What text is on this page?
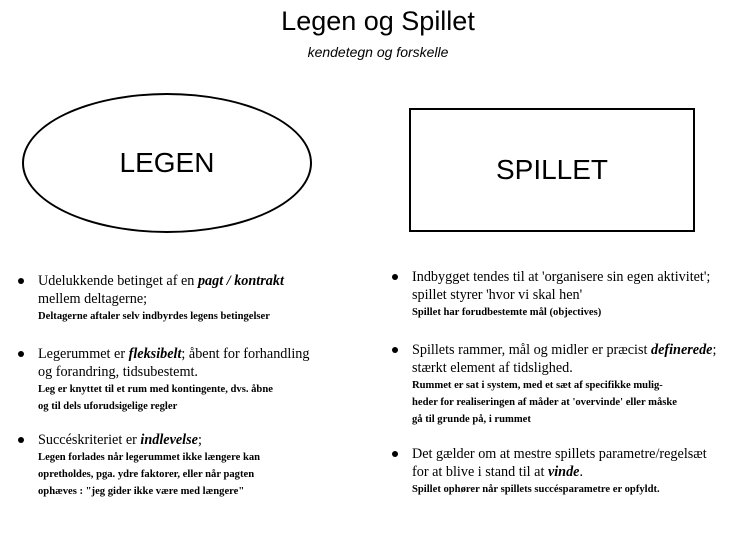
Legen og Spillet
kendetegn og forskelle
LEGEN	SPILLET
Udelukkende betinget af en pagt / kontrakt
mellem deltagerne;
Deltagerne aftaler selv indbyrdes legens betingelser
Legerummet er fleksibelt; åbent for forhandling
og forandring, tidsubestemt.
Leg er knyttet til et rum med kontingente, dvs. åbne
og til dels uforudsigelige regler
Succéskriteriet er indlevelse;
Legen forlades når legerummet ikke længere kan
opretholdes, pga. ydre faktorer, eller når pagten
ophæves : "jeg gider ikke være med længere"
Indbygget tendes til at 'organisere sin egen aktivitet';
spillet styrer 'hvor vi skal hen'
Spillet har forudbestemte mål (objectives)
Spillets rammer, mål og midler er præcist definerede;
stærkt element af tidslighed.
Rummet er sat i system, med et sæt af specifikke mulig-
heder for realiseringen af måder at 'overvinde' eller måske
gå til grunde på, i rummet
Det gælder om at mestre spillets parametre/regelsæt
for at blive i stand til at vinde.
Spillet ophører når spillets succésparametre er opfyldt.
